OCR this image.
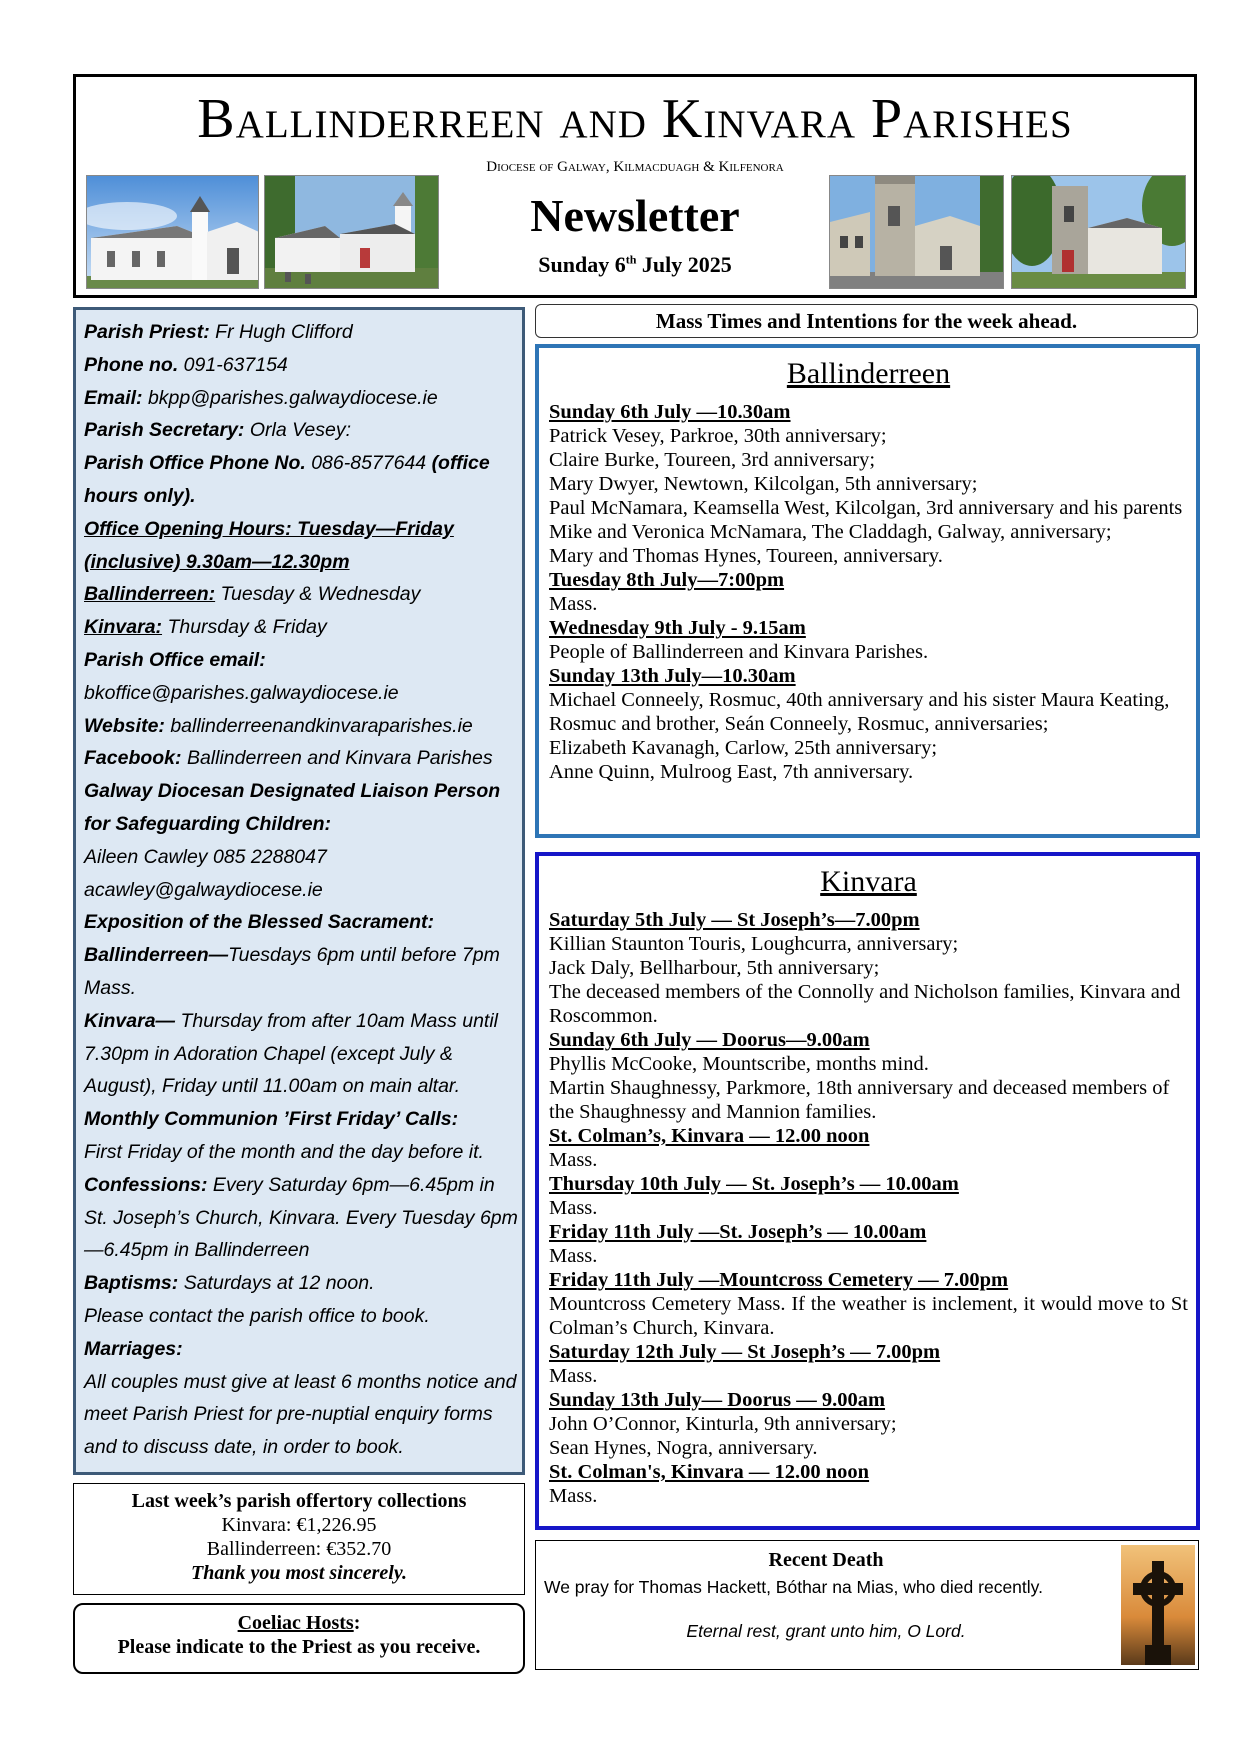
Ballinderreen and Kinvara Parishes
Diocese of Galway, Kilmacduagh & Kilfenora
Newsletter
Sunday 6th July 2025

Parish Priest: Fr Hugh Clifford

Phone no. 091-637154

Email: bkpp@parishes.galwaydiocese.ie

Parish Secretary: Orla Vesey:

Parish Office Phone No. 086-8577644 (office hours only).

Office Opening Hours: Tuesday—Friday (inclusive) 9.30am—12.30pm

Ballinderreen: Tuesday & Wednesday

Kinvara: Thursday & Friday

Parish Office email:

bkoffice@parishes.galwaydiocese.ie

Website: ballinderreenandkinvaraparishes.ie

Facebook: Ballinderreen and Kinvara Parishes

Galway Diocesan Designated Liaison Person for Safeguarding Children:

Aileen Cawley 085 2288047

acawley@galwaydiocese.ie

Exposition of the Blessed Sacrament:

Ballinderreen—Tuesdays 6pm until before 7pm Mass.

Kinvara— Thursday from after 10am Mass until 7.30pm in Adoration Chapel (except July & August), Friday until 11.00am on main altar.

Monthly Communion ’First Friday’ Calls:

First Friday of the month and the day before it.

Confessions: Every Saturday 6pm—6.45pm in St. Joseph’s Church, Kinvara. Every Tuesday 6pm—6.45pm in Ballinderreen

Baptisms: Saturdays at 12 noon.

Please contact the parish office to book.

Marriages:

All couples must give at least 6 months notice and meet Parish Priest for pre-nuptial enquiry forms and to discuss date, in order to book.

Last week’s parish offertory collections
Kinvara: €1,226.95
Ballinderreen: €352.70
Thank you most sincerely.
Coeliac Hosts:
Please indicate to the Priest as you receive.
Mass Times and Intentions for the week ahead.
Ballinderreen

Sunday 6th July —10.30am

Patrick Vesey, Parkroe, 30th anniversary;

Claire Burke, Toureen, 3rd anniversary;

Mary Dwyer, Newtown, Kilcolgan, 5th anniversary;

Paul McNamara, Keamsella West, Kilcolgan, 3rd anniversary and his parents Mike and Veronica McNamara, The Claddagh, Galway, anniversary;

Mary and Thomas Hynes, Toureen, anniversary.

Tuesday 8th July—7:00pm

Mass.

Wednesday 9th July - 9.15am

People of Ballinderreen and Kinvara Parishes.

Sunday 13th July—10.30am

Michael Conneely, Rosmuc, 40th anniversary and his sister Maura Keating, Rosmuc and brother, Seán Conneely, Rosmuc, anniversaries;

Elizabeth Kavanagh, Carlow, 25th anniversary;

Anne Quinn, Mulroog East, 7th anniversary.

Kinvara

Saturday 5th July — St Joseph’s—7.00pm

Killian Staunton Touris, Loughcurra, anniversary;

Jack Daly, Bellharbour, 5th anniversary;

The deceased members of the Connolly and Nicholson families, Kinvara and Roscommon.

Sunday 6th July — Doorus—9.00am

Phyllis McCooke, Mountscribe, months mind.

Martin Shaughnessy, Parkmore, 18th anniversary and deceased members of the Shaughnessy and Mannion families.

St. Colman’s, Kinvara — 12.00 noon

Mass.

Thursday 10th July — St. Joseph’s — 10.00am

Mass.

Friday 11th July —St. Joseph’s — 10.00am

Mass.

Friday 11th July —Mountcross Cemetery — 7.00pm

Mountcross Cemetery Mass. If the weather is inclement, it would move to St Colman’s Church, Kinvara.

Saturday 12th July — St Joseph’s — 7.00pm

Mass.

Sunday 13th July— Doorus — 9.00am

John O’Connor, Kinturla, 9th anniversary;

Sean Hynes, Nogra, anniversary.

St. Colman's, Kinvara — 12.00 noon

Mass.

Recent Death
We pray for Thomas Hackett, Bóthar na Mias, who died recently.
Eternal rest, grant unto him, O Lord.
